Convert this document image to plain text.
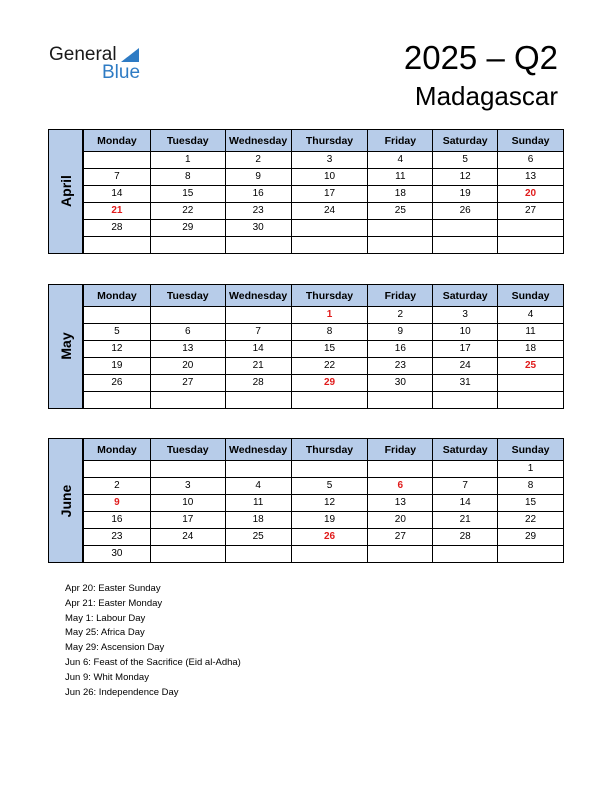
General
Blue	2025 – Q2
Madagascar
April
Monday	Tuesday	Wednesday	Thursday	Friday	Saturday	Sunday
	1	2	3	4	5	6
7	8	9	10	11	12	13
14	15	16	17	18	19	20
21	22	23	24	25	26	27
28	29	30				

May
Monday	Tuesday	Wednesday	Thursday	Friday	Saturday	Sunday
			1	2	3	4
5	6	7	8	9	10	11
12	13	14	15	16	17	18
19	20	21	22	23	24	25
26	27	28	29	30	31	

June
Monday	Tuesday	Wednesday	Thursday	Friday	Saturday	Sunday
						1
2	3	4	5	6	7	8
9	10	11	12	13	14	15
16	17	18	19	20	21	22
23	24	25	26	27	28	29
30						
Apr 20: Easter Sunday
Apr 21: Easter Monday
May 1: Labour Day
May 25: Africa Day
May 29: Ascension Day
Jun 6: Feast of the Sacrifice (Eid al-Adha)
Jun 9: Whit Monday
Jun 26: Independence Day
